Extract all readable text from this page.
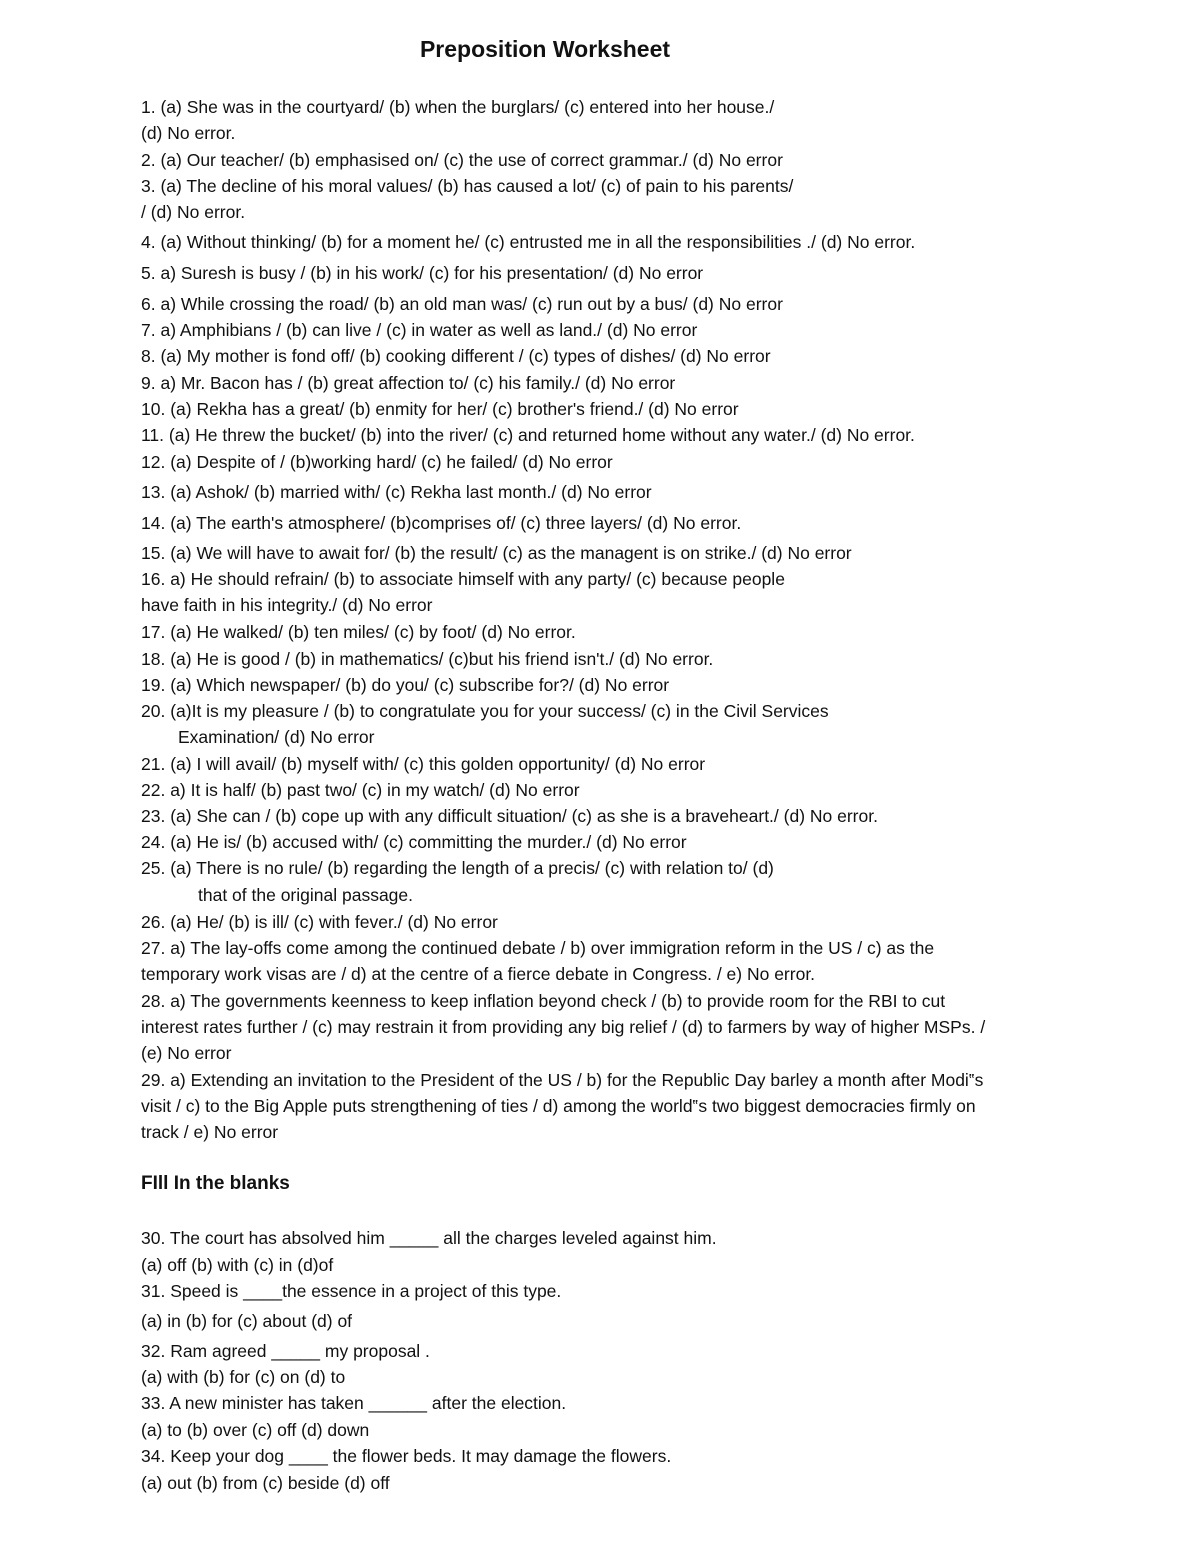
Preposition Worksheet
1. (a) She was in the courtyard/ (b) when the burglars/ (c) entered into her house./
(d) No error.
2. (a) Our teacher/ (b) emphasised on/ (c) the use of correct grammar./ (d) No error
3. (a) The decline of his moral values/ (b) has caused a lot/ (c) of pain to his parents/
/ (d) No error.
4. (a) Without thinking/ (b) for a moment he/ (c) entrusted me in all the responsibilities ./ (d) No error.
5. a) Suresh is busy / (b) in his work/ (c) for his presentation/ (d) No error
6. a) While crossing the road/ (b) an old man was/ (c) run out by a bus/ (d) No error
7. a) Amphibians / (b) can live / (c) in water as well as land./ (d) No error
8. (a) My mother is fond off/ (b) cooking different / (c) types of dishes/ (d) No error
9. a) Mr. Bacon has / (b) great affection to/ (c) his family./ (d) No error
10. (a) Rekha has a great/ (b) enmity for her/ (c) brother's friend./ (d) No error
11. (a) He threw the bucket/ (b) into the river/ (c) and returned home without any water./ (d) No error.
12. (a) Despite of / (b)working hard/ (c) he failed/ (d) No error
13. (a) Ashok/ (b) married with/ (c) Rekha last month./ (d) No error
14. (a) The earth's atmosphere/ (b)comprises of/ (c) three layers/ (d) No error.
15. (a) We will have to await for/ (b) the result/ (c) as the managent is on strike./ (d) No error
16. a) He should refrain/ (b) to associate himself with any party/ (c) because people
have faith in his integrity./ (d) No error
17. (a) He walked/ (b) ten miles/ (c) by foot/ (d) No error.
18. (a) He is good / (b) in mathematics/ (c)but his friend isn't./ (d) No error.
19. (a) Which newspaper/ (b) do you/ (c) subscribe for?/ (d) No error
20. (a)It is my pleasure / (b) to congratulate you for your success/ (c) in the Civil Services
Examination/ (d) No error
21. (a) I will avail/ (b) myself with/ (c) this golden opportunity/ (d) No error
22. a) It is half/ (b) past two/ (c) in my watch/ (d) No error
23. (a) She can / (b) cope up with any difficult situation/ (c) as she is a braveheart./ (d) No error.
24. (a) He is/ (b) accused with/ (c) committing the murder./ (d) No error
25. (a) There is no rule/ (b) regarding the length of a precis/ (c) with relation to/ (d)
that of the original passage.
26. (a) He/ (b) is ill/ (c) with fever./ (d) No error
27. a) The lay-offs come among the continued debate / b) over immigration reform in the US / c) as the
temporary work visas are / d) at the centre of a fierce debate in Congress. / e) No error.
28. a) The governments keenness to keep inflation beyond check / (b) to provide room for the RBI to cut
interest rates further / (c) may restrain it from providing any big relief / (d) to farmers by way of higher MSPs. /
(e) No error
29. a) Extending an invitation to the President of the US / b) for the Republic Day barley a month after Modi‟s
visit / c) to the Big Apple puts strengthening of ties / d) among the world‟s two biggest democracies firmly on
track / e) No error
FIll In the blanks
30. The court has absolved him _____ all the charges leveled against him.
(a) off (b) with (c) in (d)of
31. Speed is ____the essence in a project of this type.
(a) in (b) for (c) about (d) of
32. Ram agreed _____ my proposal .
(a) with (b) for (c) on (d) to
33. A new minister has taken ______ after the election.
(a) to (b) over (c) off (d) down
34. Keep your dog ____ the flower beds. It may damage the flowers.
(a) out (b) from (c) beside (d) off
